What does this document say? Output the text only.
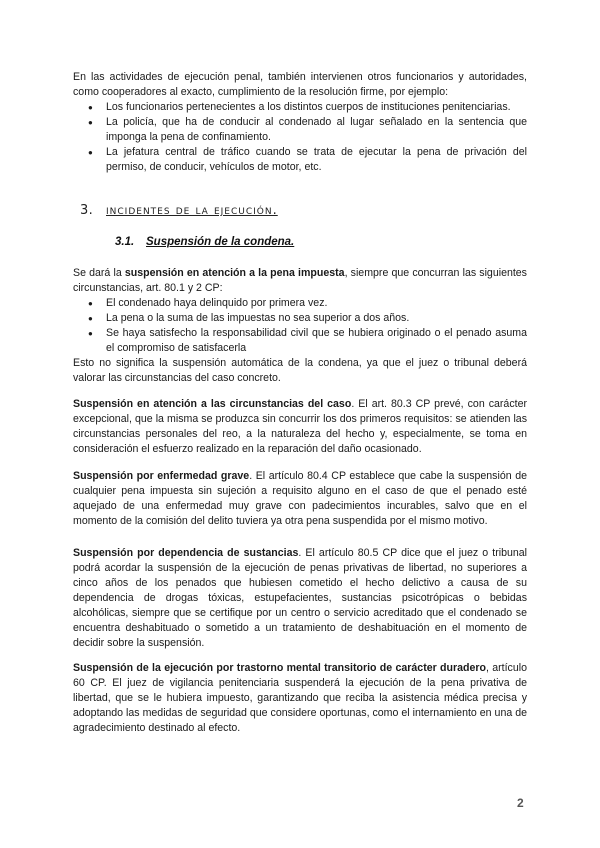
En las actividades de ejecución penal, también intervienen otros funcionarios y autoridades, como cooperadores al exacto, cumplimiento de la resolución firme, por ejemplo:

● Los funcionarios pertenecientes a los distintos cuerpos de instituciones penitenciarias.
● La policía, que ha de conducir al condenado al lugar señalado en la sentencia que imponga la pena de confinamiento.
● La jefatura central de tráfico cuando se trata de ejecutar la pena de privación del permiso, de conducir, vehículos de motor, etc.
3. incidentes de la ejecución.
3.1. Suspensión de la condena.

Se dará la suspensión en atención a la pena impuesta, siempre que concurran las siguientes circunstancias, art. 80.1 y 2 CP:

● El condenado haya delinquido por primera vez.
● La pena o la suma de las impuestas no sea superior a dos años.
● Se haya satisfecho la responsabilidad civil que se hubiera originado o el penado asuma el compromiso de satisfacerla

Esto no significa la suspensión automática de la condena, ya que el juez o tribunal deberá valorar las circunstancias del caso concreto.

Suspensión en atención a las circunstancias del caso. El art. 80.3 CP prevé, con carácter excepcional, que la misma se produzca sin concurrir los dos primeros requisitos: se atienden las circunstancias personales del reo, a la naturaleza del hecho y, especialmente, se toma en consideración el esfuerzo realizado en la reparación del daño ocasionado.

Suspensión por enfermedad grave. El artículo 80.4 CP establece que cabe la suspensión de cualquier pena impuesta sin sujeción a requisito alguno en el caso de que el penado esté aquejado de una enfermedad muy grave con padecimientos incurables, salvo que en el momento de la comisión del delito tuviera ya otra pena suspendida por el mismo motivo.

Suspensión por dependencia de sustancias. El artículo 80.5 CP dice que el juez o tribunal podrá acordar la suspensión de la ejecución de penas privativas de libertad, no superiores a cinco años de los penados que hubiesen cometido el hecho delictivo a causa de su dependencia de drogas tóxicas, estupefacientes, sustancias psicotrópicas o bebidas alcohólicas, siempre que se certifique por un centro o servicio acreditado que el condenado se encuentra deshabituado o sometido a un tratamiento de deshabituación en el momento de decidir sobre la suspensión.

Suspensión de la ejecución por trastorno mental transitorio de carácter duradero, artículo 60 CP. El juez de vigilancia penitenciaria suspenderá la ejecución de la pena privativa de libertad, que se le hubiera impuesto, garantizando que reciba la asistencia médica precisa y adoptando las medidas de seguridad que considere oportunas, como el internamiento en una de agradecimiento destinado al efecto.

2
